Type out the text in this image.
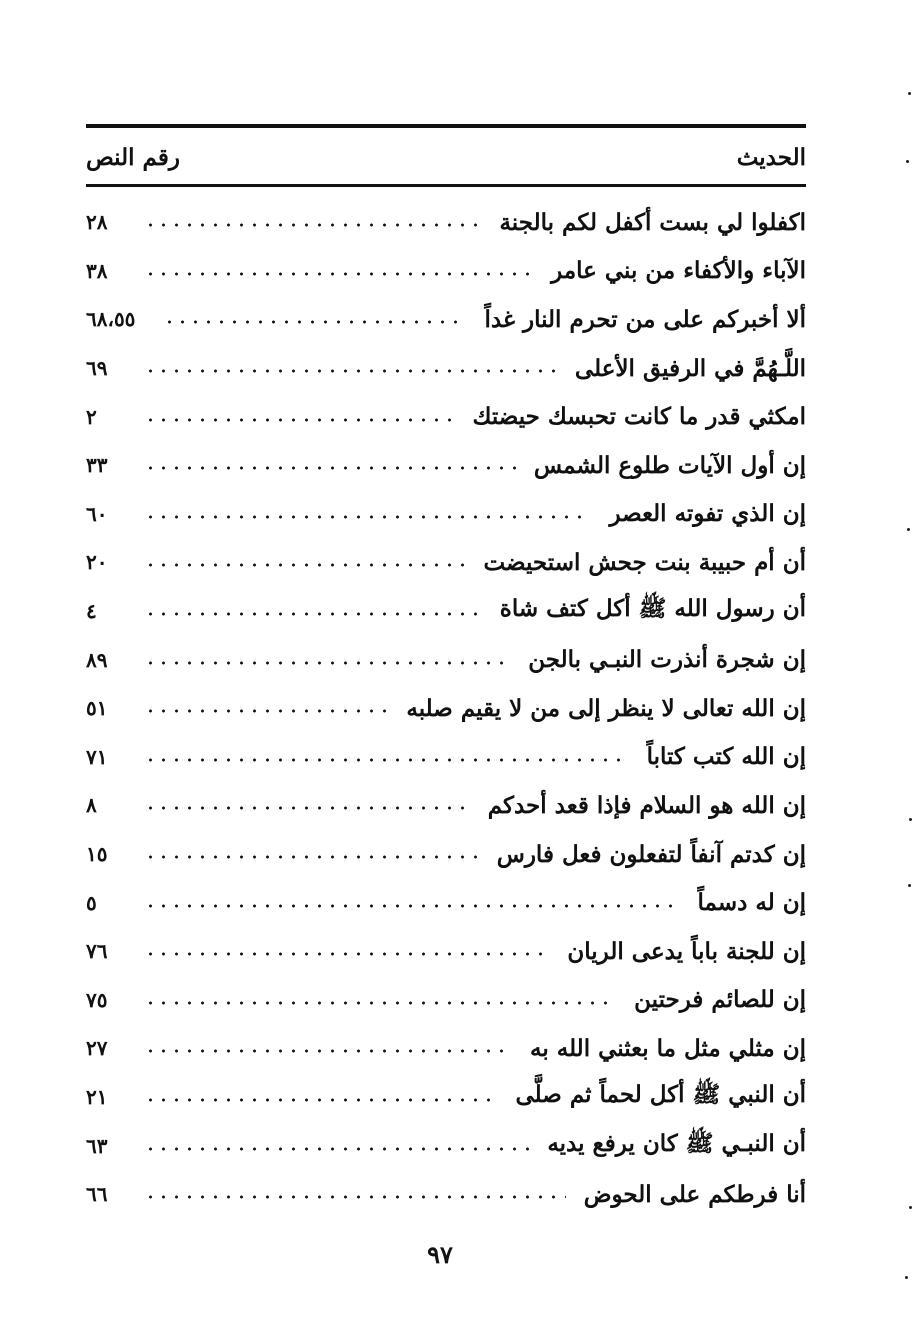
رقم النص	الحديث
اكفلوا لي بست أكفل لكم بالجنة
٢٨
الآباء والأكفاء من بني عامر
٣٨
ألا أخبركم على من تحرم النار غداً
٦٨،٥٥
اللَّـهُمَّ في الرفيق الأعلى
٦٩
امكثي قدر ما كانت تحبسك حيضتك
٢
إن أول الآيات طلوع الشمس
٣٣
إن الذي تفوته العصر
٦٠
أن أم حبيبة بنت جحش استحيضت
٢٠
أن رسول الله ﷺ أكل كتف شاة
٤
إن شجرة أنذرت النبـي بالجن
٨٩
إن الله تعالى لا ينظر إلى من لا يقيم صلبه
٥١
إن الله كتب كتاباً
٧١
إن الله هو السلام فإذا قعد أحدكم
٨
إن كدتم آنفاً لتفعلون فعل فارس
١٥
إن له دسماً
٥
إن للجنة باباً يدعى الريان
٧٦
إن للصائم فرحتين
٧٥
إن مثلي مثل ما بعثني الله به
٢٧
أن النبي ﷺ أكل لحماً ثم صلَّى
٢١
أن النبـي ﷺ كان يرفع يديه
٦٣
أنا فرطكم على الحوض
٦٦
٩٧
